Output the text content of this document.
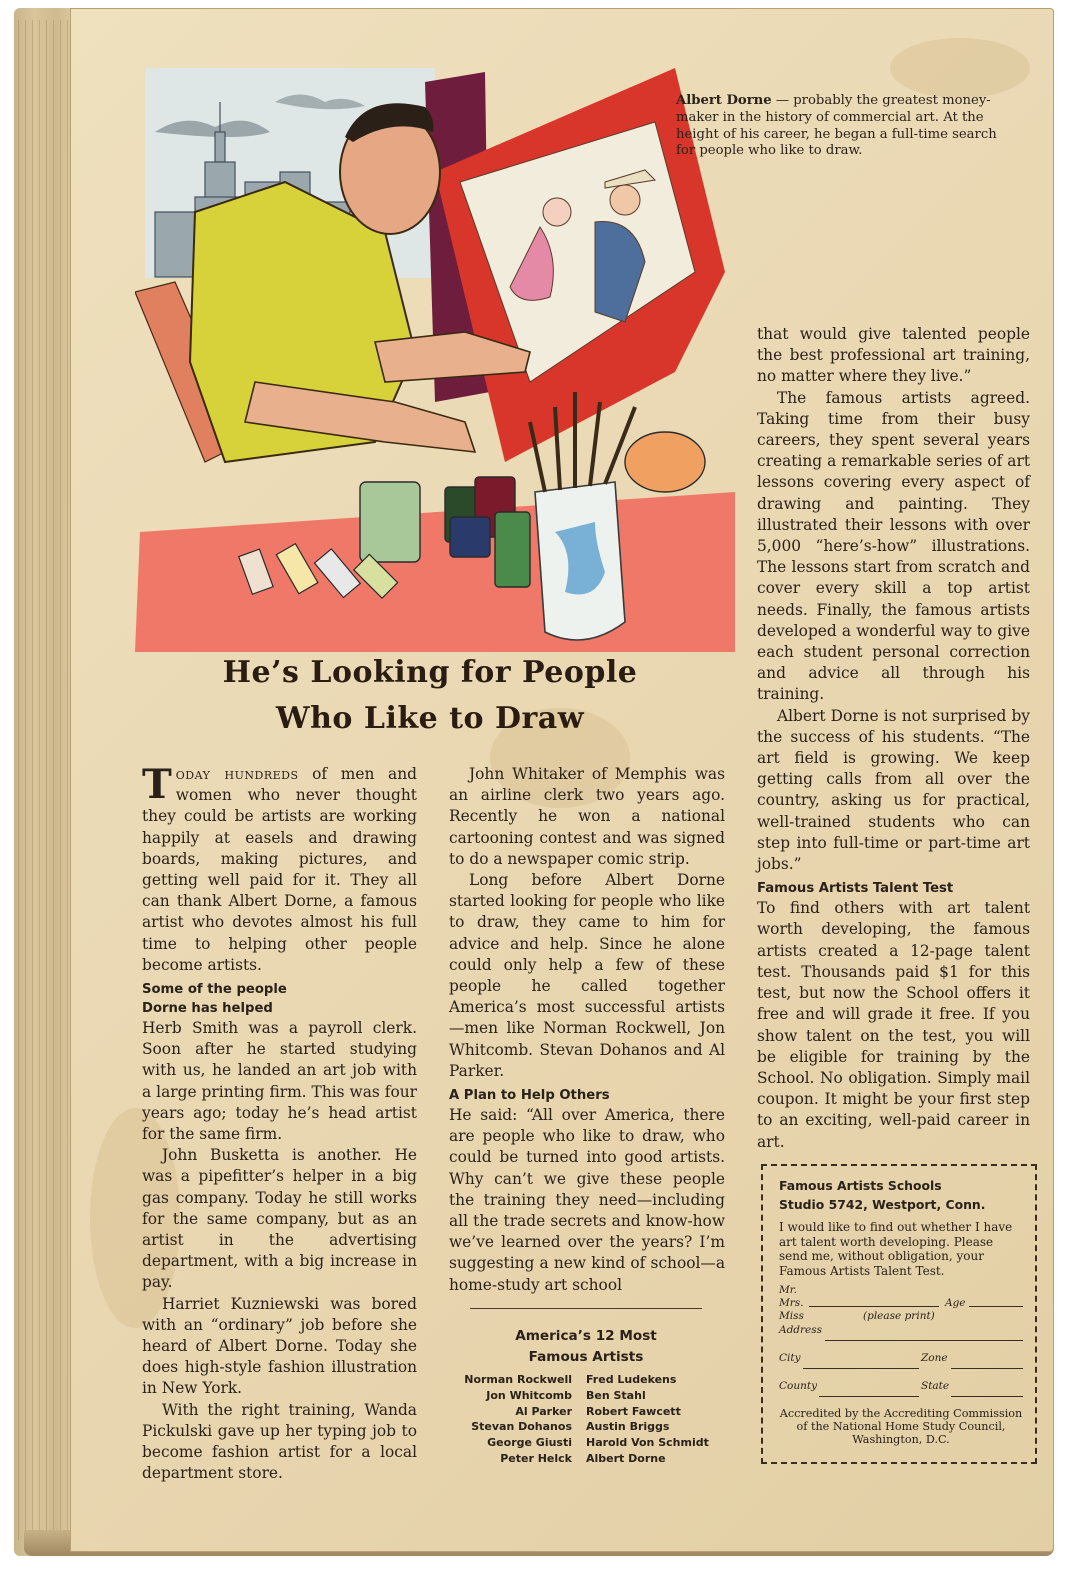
Albert Dorne — probably the greatest money-maker in the history of commercial art. At the height of his career, he began a full-time search for people who like to draw.
He’s Looking for People
Who Like to Draw

Today hundreds of men and women who never thought they could be artists are working happily at easels and drawing boards, making pictures, and getting well paid for it. They all can thank Albert Dorne, a famous artist who devotes almost his full time to helping other people become artists.

Some of the people
Dorne has helped

Herb Smith was a payroll clerk. Soon after he started studying with us, he landed an art job with a large printing firm. This was four years ago; today he’s head artist for the same firm.

John Busketta is another. He was a pipefitter’s helper in a big gas company. Today he still works for the same company, but as an artist in the advertising department, with a big increase in pay.

Harriet Kuzniewski was bored with an “ordinary” job before she heard of Albert Dorne. Today she does high-style fashion illustration in New York.

With the right training, Wanda Pickulski gave up her typing job to become fashion artist for a local department store.

John Whitaker of Memphis was an airline clerk two years ago. Recently he won a national cartooning contest and was signed to do a newspaper comic strip.

Long before Albert Dorne started looking for people who like to draw, they came to him for advice and help. Since he alone could only help a few of these people he called together America’s most successful artists —men like Norman Rockwell, Jon Whitcomb. Stevan Dohanos and Al Parker.

A Plan to Help Others

He said: “All over America, there are people who like to draw, who could be turned into good artists. Why can’t we give these people the training they need—including all the trade secrets and know-how we’ve learned over the years? I’m suggesting a new kind of school—a home-study art school

America’s 12 Most
Famous Artists
Norman Rockwell	Fred Ludekens
Jon Whitcomb	Ben Stahl
Al Parker	Robert Fawcett
Stevan Dohanos	Austin Briggs
George Giusti	Harold Von Schmidt
Peter Helck	Albert Dorne

that would give talented people the best professional art training, no matter where they live.”

The famous artists agreed. Taking time from their busy careers, they spent several years creating a remarkable series of art lessons covering every aspect of drawing and painting. They illustrated their lessons with over 5,000 “here’s-how” illustrations. The lessons start from scratch and cover every skill a top artist needs. Finally, the famous artists developed a wonderful way to give each student personal correction and advice all through his training.

Albert Dorne is not surprised by the success of his students. “The art field is growing. We keep getting calls from all over the country, asking us for practical, well-trained students who can step into full-time or part-time art jobs.”

Famous Artists Talent Test

To find others with art talent worth developing, the famous artists created a 12-page talent test. Thousands paid $1 for this test, but now the School offers it free and will grade it free. If you show talent on the test, you will be eligible for training by the School. No obligation. Simply mail coupon. It might be your first step to an exciting, well-paid career in art.

Famous Artists Schools
Studio 5742, Westport, Conn.
I would like to find out whether I have art talent worth developing. Please send me, without obligation, your Famous Artists Talent Test.
Mr.
Mrs.	Age
Miss	(please print)
Address
City	Zone
County	State
Accredited by the Accrediting Commission of the National Home Study Council, Washington, D.C.
